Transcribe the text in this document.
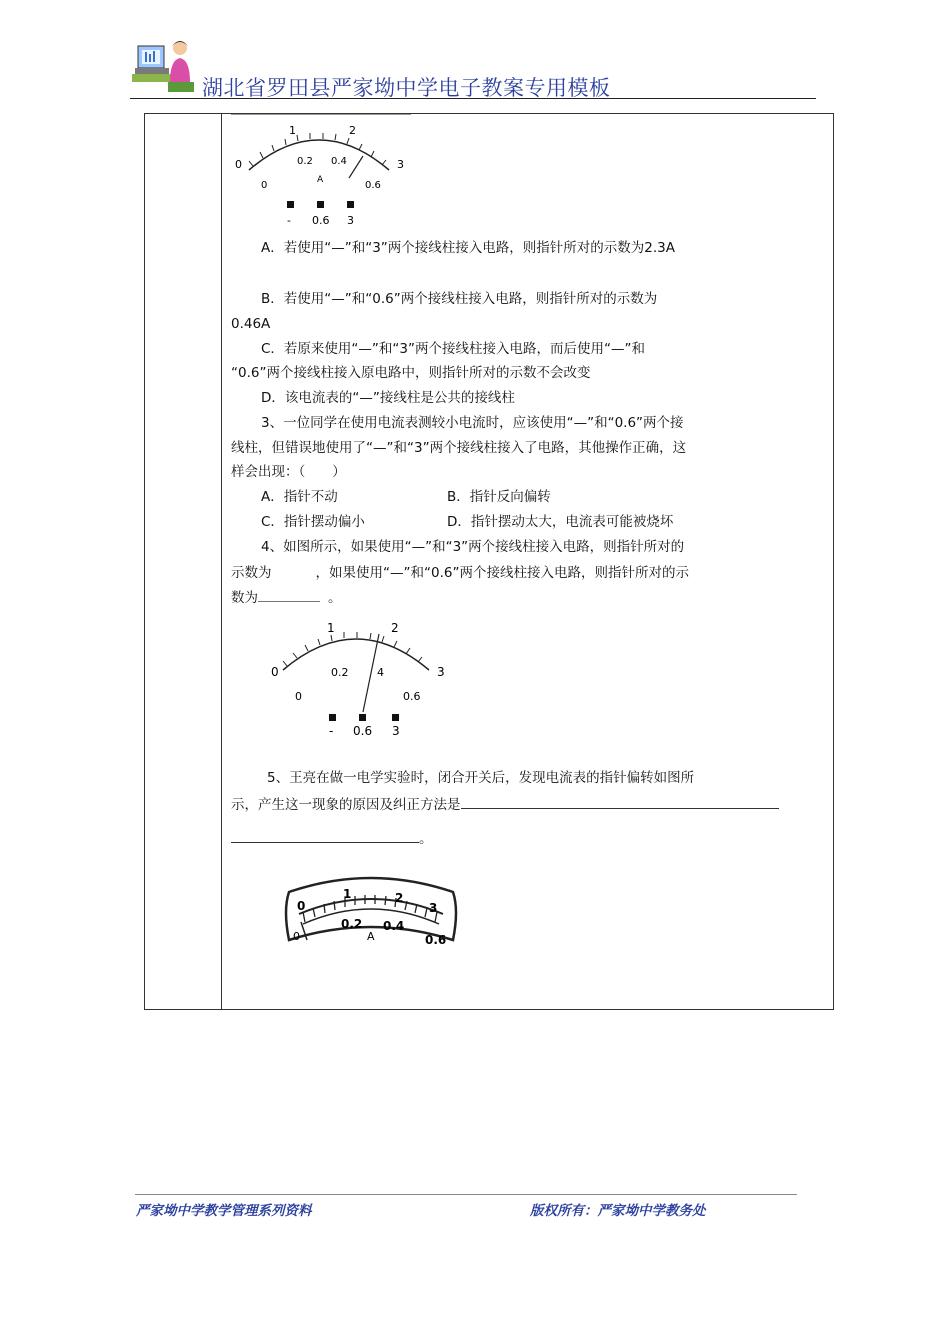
湖北省罗田县严家坳中学电子教案专用模板
0
1	2
3
0
0.2 0.4
0.6
A
- 0.6 3
A．若使用“—”和“3”两个接线柱接入电路，则指针所对的示数为2.3A
B．若使用“—”和“0.6”两个接线柱接入电路，则指针所对的示数为
0.46A
C．若原来使用“—”和“3”两个接线柱接入电路，而后使用“—”和
“0.6”两个接线柱接入原电路中，则指针所对的示数不会改变
D．该电流表的“—”接线柱是公共的接线柱
3、一位同学在使用电流表测较小电流时，应该使用“—”和“0.6”两个接
线柱，但错误地使用了“—”和“3”两个接线柱接入了电路，其他操作正确，这
样会出现：（　　）
A．指针不动	B．指针反向偏转
C．指针摆动偏小	D．指针摆动太大，电流表可能被烧坏
4、如图所示，如果使用“—”和“3”两个接线柱接入电路，则指针所对的
示数为	，如果使用“—”和“0.6”两个接线柱接入电路，则指针所对的示
数为	。
0
1	2
3
0
0.2	4
0.6
- 0.6 3
5、王亮在做一电学实验时，闭合开关后，发现电流表的指针偏转如图所
示，产生这一现象的原因及纠正方法是
。
0
1	2
3
0.2 0.4
0.6
A
0
严家坳中学教学管理系列资料	版权所有：严家坳中学教务处
